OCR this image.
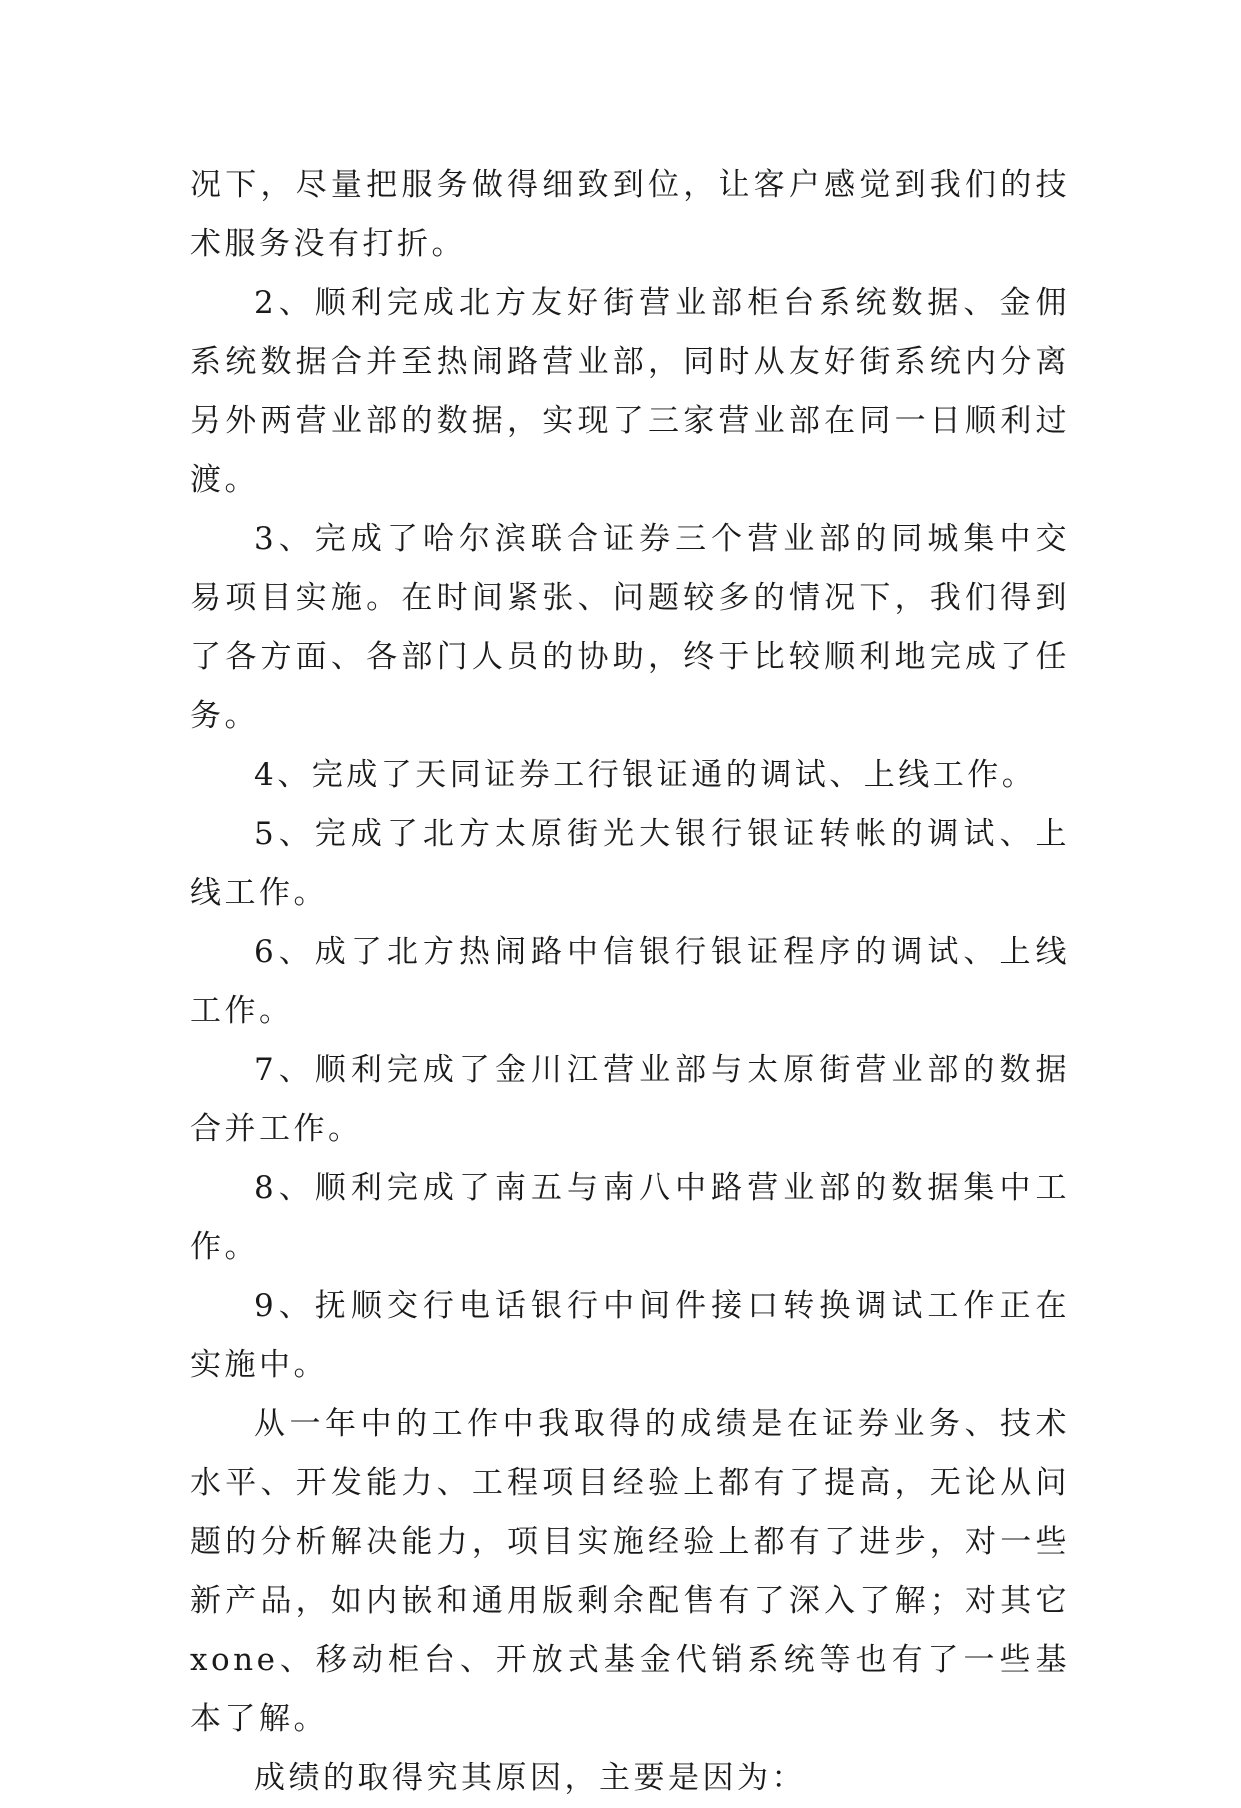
况下，尽量把服务做得细致到位，让客户感觉到我们的技术服务没有打折。

2、顺利完成北方友好街营业部柜台系统数据、金佣系统数据合并至热闹路营业部，同时从友好街系统内分离另外两营业部的数据，实现了三家营业部在同一日顺利过渡。

3、完成了哈尔滨联合证券三个营业部的同城集中交易项目实施。在时间紧张、问题较多的情况下，我们得到了各方面、各部门人员的协助，终于比较顺利地完成了任务。

4、完成了天同证券工行银证通的调试、上线工作。

5、完成了北方太原街光大银行银证转帐的调试、上线工作。

6、成了北方热闹路中信银行银证程序的调试、上线工作。

7、顺利完成了金川江营业部与太原街营业部的数据合并工作。

8、顺利完成了南五与南八中路营业部的数据集中工作。

9、抚顺交行电话银行中间件接口转换调试工作正在实施中。

从一年中的工作中我取得的成绩是在证券业务、技术水平、开发能力、工程项目经验上都有了提高，无论从问题的分析解决能力，项目实施经验上都有了进步，对一些新产品，如内嵌和通用版剩余配售有了深入了解；对其它xone、移动柜台、开放式基金代销系统等也有了一些基本了解。

成绩的取得究其原因，主要是因为：
